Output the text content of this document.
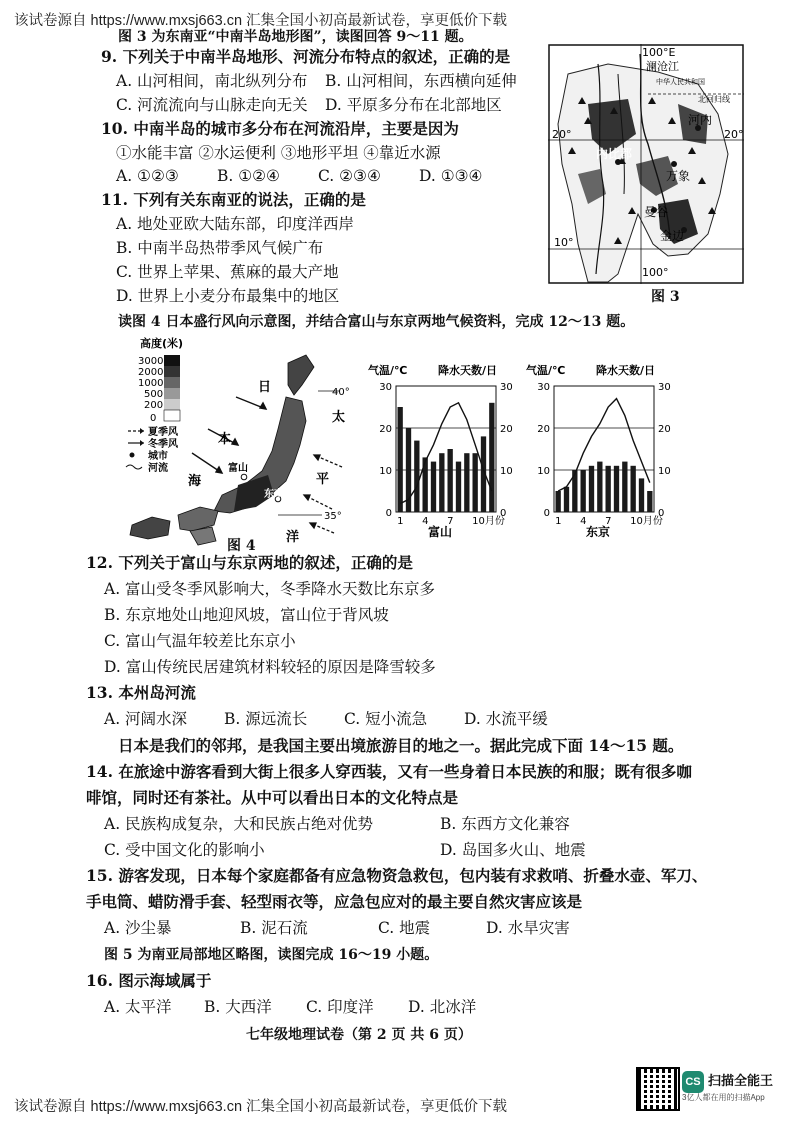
该试卷源自 https://www.mxsj663.cn 汇集全国小初高最新试卷，享更低价下载
图 3 为东南亚“中南半岛地形图”，读图回答 9～11 题。
9. 下列关于中南半岛地形、河流分布特点的叙述，正确的是
A. 山河相间，南北纵列分布 B. 山河相间，东西横向延伸
C. 河流流向与山脉走向无关 D. 平原多分布在北部地区
10. 中南半岛的城市多分布在河流沿岸，主要是因为
①水能丰富 ②水运便利 ③地形平坦 ④靠近水源
A. ①②③ B. ①②④ C. ②③④ D. ①③④
11. 下列有关东南亚的说法，正确的是
A. 地处亚欧大陆东部，印度洋西岸
B. 中南半岛热带季风气候广布
C. 世界上苹果、蕉麻的最大产地
D. 世界上小麦分布最集中的地区
100°E
澜沧江
中华人民共和国
北回归线
20°
20°
河内
内比都
万象
曼谷
金边
10°
100°
图 3
读图 4 日本盛行风向示意图，并结合富山与东京两地气候资料，完成 12～13 题。
高度(米)
3000
2000
1000
500
200
0
夏季风
冬季风
城市
河流
40°
35°
富山
东京
日
本
海
太
平
洋
图 4
气温/℃	降水天数/日
0	0
10	10
20	20
30	30
1 4 7 10月份
富山
气温/℃	降水天数/日
0	0
10	10
20	20
30	30
1 4 7 10月份
东京
12. 下列关于富山与东京两地的叙述，正确的是
A. 富山受冬季风影响大，冬季降水天数比东京多
B. 东京地处山地迎风坡，富山位于背风坡
C. 富山气温年较差比东京小
D. 富山传统民居建筑材料较轻的原因是降雪较多
13. 本州岛河流
A. 河阔水深 B. 源远流长 C. 短小流急 D. 水流平缓
日本是我们的邻邦，是我国主要出境旅游目的地之一。据此完成下面 14～15 题。
14. 在旅途中游客看到大街上很多人穿西装，又有一些身着日本民族的和服；既有很多咖
啡馆，同时还有茶社。从中可以看出日本的文化特点是
A. 民族构成复杂，大和民族占绝对优势	B. 东西方文化兼容
C. 受中国文化的影响小	D. 岛国多火山、地震
15. 游客发现，日本每个家庭都备有应急物资急救包，包内装有求救哨、折叠水壶、军刀、
手电筒、蜡防滑手套、轻型雨衣等，应急包应对的最主要自然灾害应该是
A. 沙尘暴	B. 泥石流	C. 地震	D. 水旱灾害
图 5 为南亚局部地区略图，读图完成 16～19 小题。
16. 图示海域属于
A. 太平洋 B. 大西洋 C. 印度洋 D. 北冰洋
七年级地理试卷（第 2 页 共 6 页）
CS 扫描全能王
3亿人都在用的扫描App
该试卷源自 https://www.mxsj663.cn 汇集全国小初高最新试卷，享更低价下载
